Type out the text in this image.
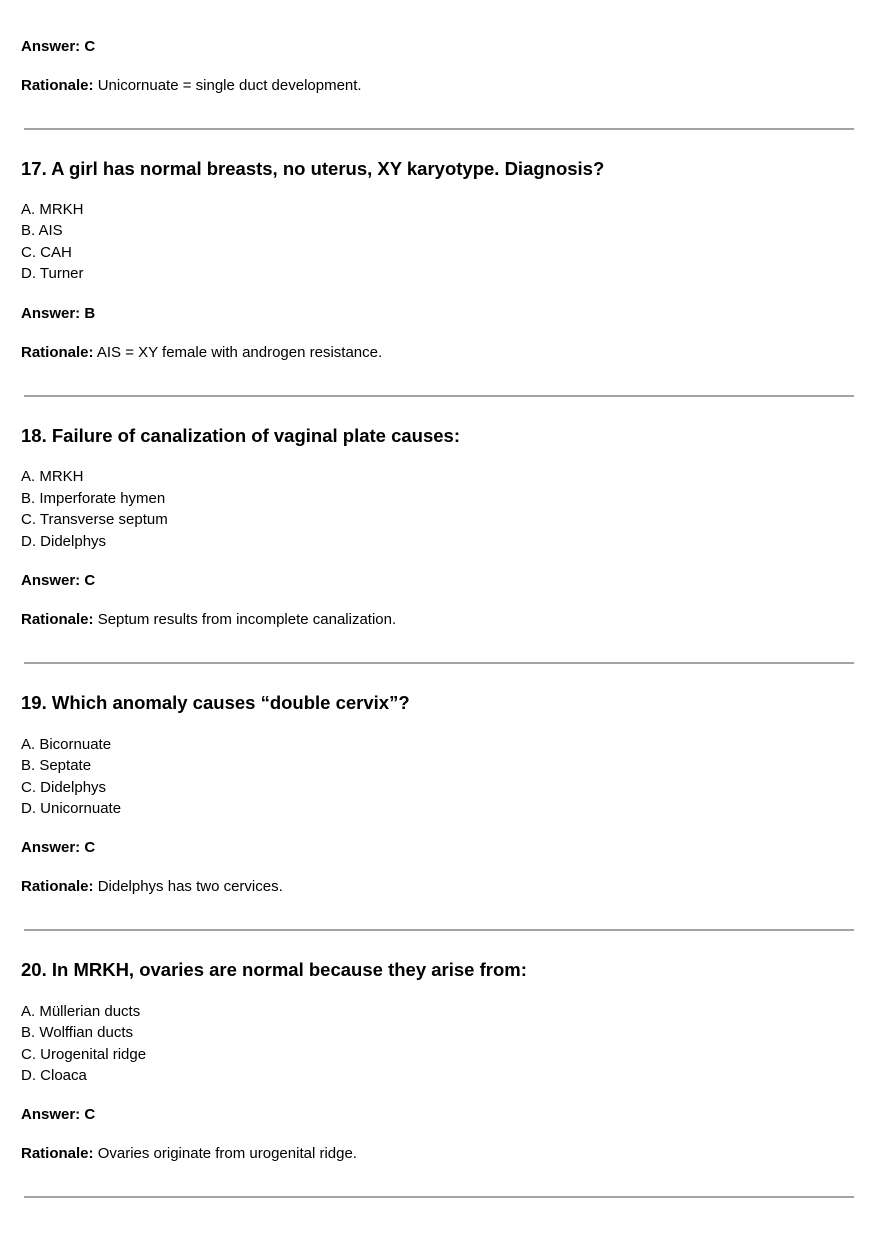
Answer: C
Rationale: Unicornuate = single duct development.
17. A girl has normal breasts, no uterus, XY karyotype. Diagnosis?
A. MRKH
B. AIS
C. CAH
D. Turner
Answer: B
Rationale: AIS = XY female with androgen resistance.
18. Failure of canalization of vaginal plate causes:
A. MRKH
B. Imperforate hymen
C. Transverse septum
D. Didelphys
Answer: C
Rationale: Septum results from incomplete canalization.
19. Which anomaly causes “double cervix”?
A. Bicornuate
B. Septate
C. Didelphys
D. Unicornuate
Answer: C
Rationale: Didelphys has two cervices.
20. In MRKH, ovaries are normal because they arise from:
A. Müllerian ducts
B. Wolffian ducts
C. Urogenital ridge
D. Cloaca
Answer: C
Rationale: Ovaries originate from urogenital ridge.
